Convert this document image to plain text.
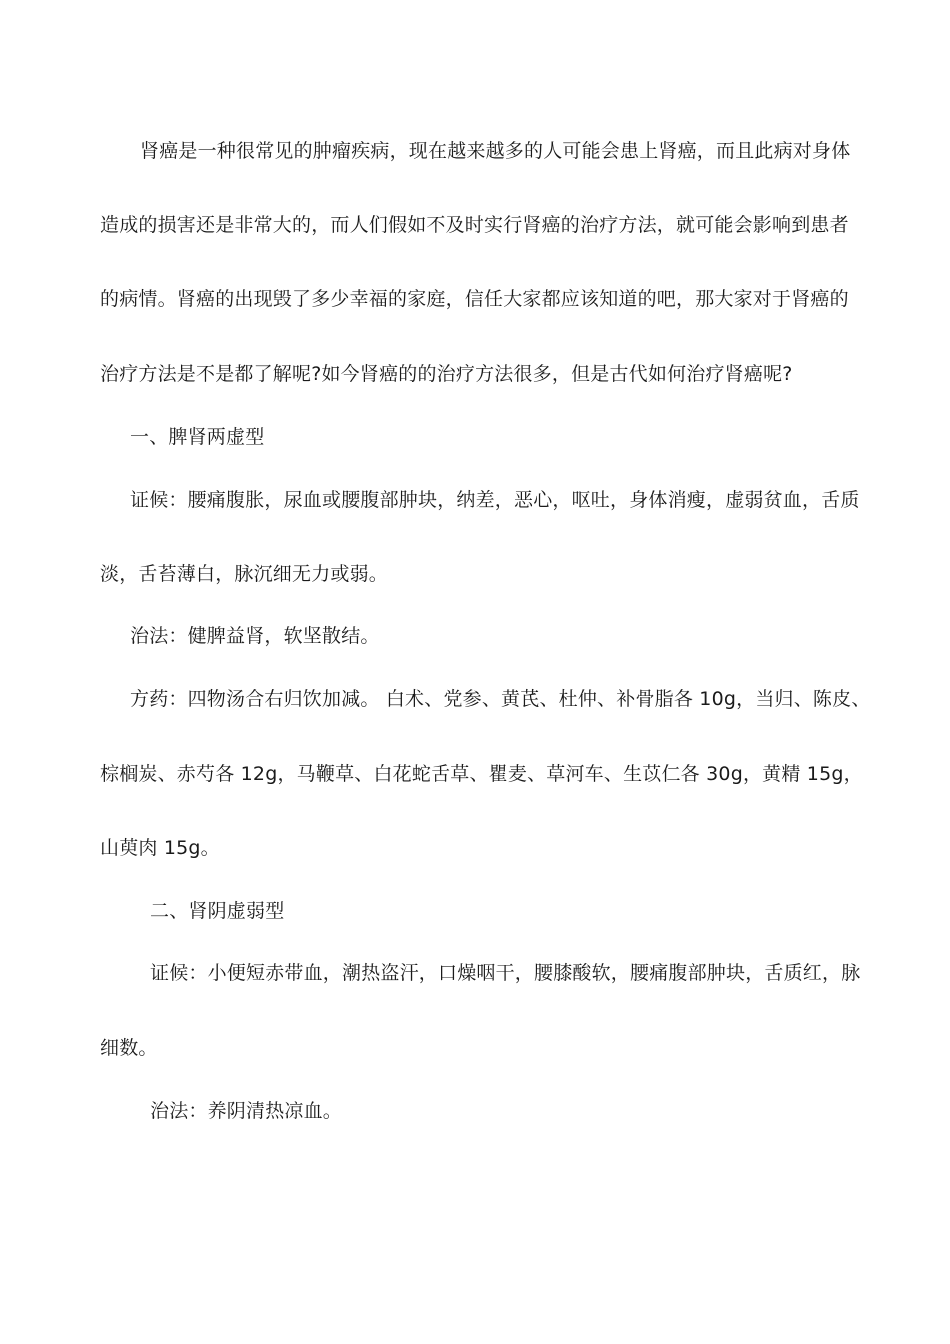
肾癌是一种很常见的肿瘤疾病，现在越来越多的人可能会患上肾癌，而且此病对身体
造成的损害还是非常大的，而人们假如不及时实行肾癌的治疗方法，就可能会影响到患者
的病情。肾癌的出现毁了多少幸福的家庭，信任大家都应该知道的吧，那大家对于肾癌的
治疗方法是不是都了解呢?如今肾癌的的治疗方法很多，但是古代如何治疗肾癌呢?
一、脾肾两虚型
证候：腰痛腹胀，尿血或腰腹部肿块，纳差，恶心，呕吐，身体消瘦，虚弱贫血，舌质
淡，舌苔薄白，脉沉细无力或弱。
治法：健脾益肾，软坚散结。
方药：四物汤合右归饮加减。 白术、党参、黄芪、杜仲、补骨脂各 10g，当归、陈皮、
棕榈炭、赤芍各 12g，马鞭草、白花蛇舌草、瞿麦、草河车、生苡仁各 30g，黄精 15g，
山萸肉 15g。
二、肾阴虚弱型
证候：小便短赤带血，潮热盗汗，口燥咽干，腰膝酸软，腰痛腹部肿块，舌质红，脉
细数。
治法：养阴清热凉血。
